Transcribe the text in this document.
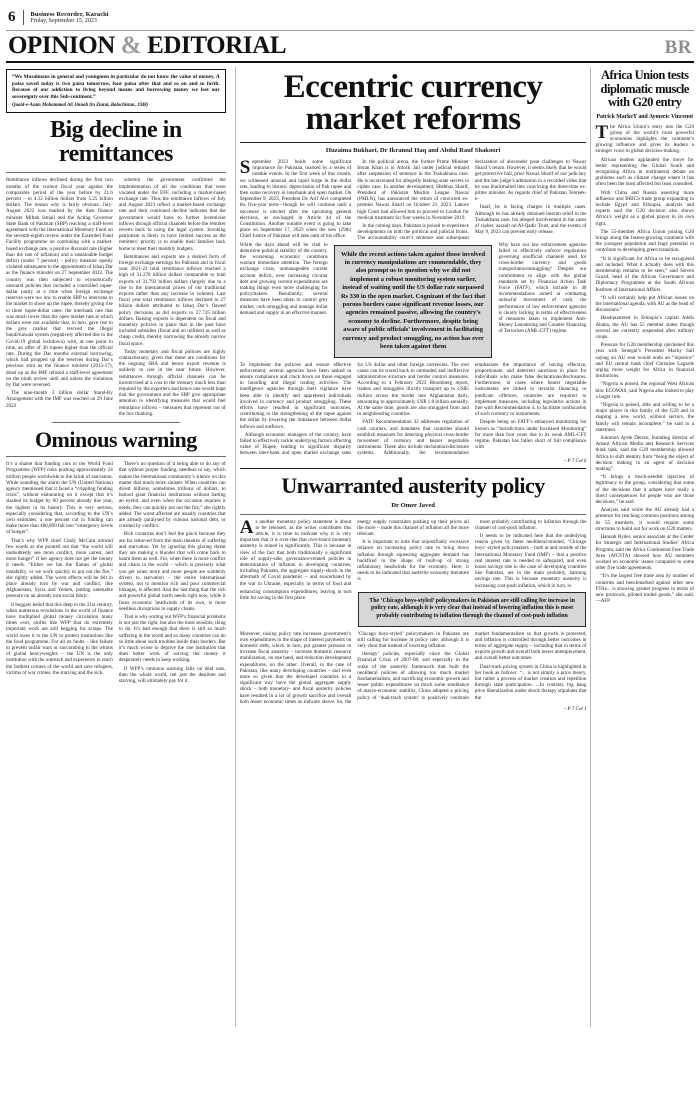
6	Business Recorder, Karachi
Friday, September 15, 2023
OPINION & EDITORIAL	BR
“We Musalmans in general and youngmen in particular do not know the value of money. A paisa saved today is two paisa tomorrow, four paisa after that and so on and so forth. Because of our addiction to living beyond means and borrowing money we lost our sovereignty over this Sub-continent.”
Quaid-e-Azam Mohammad Ali Jinnah (in Ziarat, Balochistan, 1948)
Big decline in remittances

Remittance inflows declined during the first two months of the current fiscal year against the comparable period of the year before by 21.6 percent – to 4.12 billion dollars from 5.25 billion dollars. The reason why is fairly obvious: July-August 2022 was marked by the then finance minister Miftah Ismail and the Acting Governor State Bank of Pakistan (SBP) reaching a staff-level agreement with the International Monetary Fund on the seventh-eighth review under the Extended Fund Facility programme on continuing with a market-based exchange rate, a positive discount rate (higher than the rate of inflation) and a sustainable budget deficit (under 7 percent) – policy measure openly violated subsequent to the appointment of Ishaq Dar as the finance minister on 27 September 2022. The country was then subjected to economically unsound policies that included a controlled rupee-dollar parity at a time when foreign exchange reserves were too low to enable SBP to intervene in the market to shore up the rupee, thereby giving rise to three rupee-dollar rates: the interbank rate that was much lower than the open market rate at which dollars were not available that, in turn, gave rise to the grey market that revived the illegal hundi/hawala system (negatively affected due to the Covid-19 global lockdown) with, at one point in time, an offer of 30 rupees higher than the official rate. During the Dar months external borrowing, which had propped up the reserves during Dar’s previous stint as the finance minister (2013-17), dried up as the IMF refused a staff-level agreement on the ninth review until and unless the violations by Dar were reversed.

The nine-month 3 billion dollar Stand-By Arrangement with the IMF was reached on 29 June 2023

wherein the government confirmed the implementation of all the conditions that were violated under the EFF, including a market-based exchange rate. Thus the remittance inflows of July and August 2023 reflect a market-based exchange rate and their continued decline indicates that the government would have to further incentivise inflows through official channels before the remitter reverts back to using the legal system. Invoking patriotism is likely to have limited success as the remitters’ priority is to enable their families back home to meet their monthly budgets.

Remittances and exports are a desired form of foreign exchange earnings for Pakistan and in fiscal year 2021-22 total remittance inflows reached a high of 31.278 billion dollars comparable to total exports of 31.792 billion dollars (largely due to a rise in the international prices of our traditional exports rather than any increase in volume). Last fiscal year total remittance inflows declined to 27 billion dollars attributed to Ishaq Dar’s flawed policy decisions as did exports to 27.735 billion dollars. Raising exports is dependent on fiscal and monetary policies in place that in the past have included subsidies (fiscal and on utilities) as well as cheap credit, thereby narrowing the already narrow fiscal space.

Today monetary and fiscal policies are highly contractionary, given that these are conditions for the ongoing SBA and hence export revenue is unlikely to rise in the near future. However, remittances through official channels can be incentivised at a cost to the treasury much less than required by the exporters and hence one would hope that the government and the SBP give appropriate attention to identifying measures that would fuel remittance inflows – measures that represent out of the box thinking.

Ominous warning

It’s a shame that funding cuts to the World Food Programme (WFP) risks pushing approximately 24 million people worldwide to the brink of starvation. While sounding the alarm the UN (United Nations) agency mentioned that it faced a “crippling funding crisis”, without elaborating on it except that it’s slashed its budget by 60 percent already this year, the highest in its history. This is very serious, especially considering that, according to the UN’s own estimates, a one percent cut in funding can make more than 400,000 fall into “emergency levels of hunger”.

That’s why WFP chief Cindy McCain minced few words as she pointed out that “the world will undoubtedly see more conflict, more unrest, and more hunger” if her agency does not get the money it needs. “Either we fan the flames of global instability, or we work quickly to put out the fire,” she rightly added. The worst effects will be felt in place already torn by war and conflict, like Afghanistan, Syria and Yemen, putting untenable pressure on an already torn social fabric.

It beggars belief that this deep in the 21st century, when numerous revolutions in the world of finance have multiplied global money circulation many times over, outfits like WFP that do extremely important work are still begging for scraps. The world owes it to the UN to protect institutions like the food programme. For all its faults – like failure to prevent unfair wars or succumbing to the whims of global heavyweights – the UN is the only institution with the outreach and experience to reach the farthest corners of the world and save refugees, victims of war crimes, the starving and the sick.

There’s no question of it being able to do any of that without proper funding, needless to say, which makes the international community’s silence on this matter that much more sinister. When countries can divert billions, sometimes trillions of dollars, to bailout giant financial institutions without batting an eyelid, and even when the occasion requires it needs, they can quickly put out the fire,” she rightly added. The worst affected are usually countries that are already paralysed by ruinous national debt, or crushed by conflict.

Rich countries don’t feel the pinch because they are far removed from the main theatres of suffering and starvation. Yet by ignoring this glaring threat they are making a blunder that will come back to haunt them as well. For, when there is more conflict and chaos in the world – which is precisely what you get when more and more people are suddenly driven to starvation – the entire international system, not to mention rich and poor commercial linkages, is affected. And the last thing that the rich and powerful global north needs right now, while it faces economic headwinds of its own, is more needless disruptions in supply chains.

That is why sorting out WFP’s financial problems is not just the right, but also the most sensible, thing to do. It’s bad enough that there is still so much suffering in the world and so many countries can do so little about such troubles inside their borders. But it’s much worse to deprive the one institution that does better work of solving the money it desperately needs to keep working.

If WFP’s ominous warning falls on deaf ears, then the whole world, not just the destitute and starving, will ultimately pay for it.

Eccentric currency market reforms
Huzaima Bukhari, Dr Ikramul Haq and Abdul Rauf Shakoori

September 2023 holds some significant importance for Pakistan, marked by a series of notable events. In the first week of this month, we witnessed unusual and rapid surge in the dollar rate, leading to historic depreciation of Pak rupee and then some recovery in interbank and open market. On September 9, 2023, President Dr. Arif Alvi completed his five-year term—though he will continue until a successor is elected after the upcoming general elections, as envisaged in Article 44 of the Constitution. Another notable event is going to take place on September 17, 2023 when the new (29th) Chief Justice of Pakistan will take oath of his office.

In the political arena, the former Prime Minister Imran Khan is in Attock Jail under judicial remand after suspension of sentence in the Toshakhana case. He is incarcerated for allegedly leaking state secrets in cipher case. In another development, Shehbaz Sharif, President of Pakistan Muslim League Nawaz (PMLN), has announced the return of convicted ex-premier Nawaz Sharif on October 21, 2023. Lahore high Court had allowed him to proceed to London for medical treatment for four weeks in November 2019.

In the coming days, Pakistan is poised to experience developments on both the political and judicial fronts. The accountability court’s sentence and subsequent declaration of absconder pose challenges to Nawaz Sharif’s return. However, it seems likely that he would get protective bail, prior Nawaz Sharif of our judiciary and the late judge’s admission in a recorded video that he was blackmailed into convicting the three-time ex-prime minister. As regards chief of Pakistan Tehreek-e-

Insaf, he is facing charges in multiple cases. Although he has already obtained interim relief in the Toshakhana case, his alleged involvement in the cases of cipher, assault on Al-Qadir Trust, and the events of May 9, 2023 can prevent early release.

While the days ahead will be vital to determine political stability of the country, the worsening economic conditions warrant immediate attention. The foreign exchange crisis, unmanageable current account deficit, ever increasing circular debt and growing current expenditures are making things even more challenging for policymakers. Resultantly, several measures have been taken to control grey market, curb smuggling and manage dollar demand and supply in an effective manner.

While the recent actions taken against those involved in currency manipulations are commendable, they also prompt us to question why we did not implement a robust monitoring system earlier, instead of waiting until the US dollar rate surpassed Rs 330 in the open market. Cognizant of the fact that porous borders cause significant revenue losses, our agencies remained passive, allowing the country’s economy to decline. Furthermore, despite being aware of public officials’ involvement in facilitating currency and product smuggling, no action has ever been taken against them

Why have our law enforcement agencies failed to effectively enforce regulations governing unofficial channels used for cross-border currency and goods transportation/smuggling? Despite our commitment to align with the global standards set by Financial Action Task Force (FATF), which include in 40 recommendations aimed at combating unlawful movement of cash, the performance of law enforcement agencies is clearly lacking in terms of effectiveness of measures taken to implement Anti-Money Laundering and Counter Financing of Terrorism (AML-CFT) regime.

To implement the policies and ensure effective enforcement, several agencies have been tasked to ensure compliance and crack down on those engaged in hoarding and illegal trading activities. The intelligence agencies through their vigilance have been able to identify and apprehend individuals involved in currency and product smuggling. These efforts have resulted in significant outcomes, contributing to the strengthening of the rupee against the dollar by lowering the imbalance between dollar inflows and outflows.

Although economic managers of the country, have failed to effectively tackle underlying factors affecting value of Rupee, leading to significant disparity between inter-bank and open market exchange rates for US dollar and other foreign currencies. The root cause can be traced back to outmoded and ineffective administrative structure and border control measures. According to a February 2023 Bloomberg report, traders and smugglers illicitly transport up to US$5 million across the border into Afghanistan daily, amounting to approximately US$ 1.8 billion annually. At the same time, goods are also smuggled from and to neighbouring countries.

FATF Recommendation 32 addresses regulation of cash couriers, and mandates that countries should establish measures for detecting physical cross-border movement of currency and bearer negotiable instruments. These also include declaration/disclosure systems. Additionally, the recommendation emphasizes the importance of having effective, proportionate, and deterrent sanctions in place for individuals who make false declarations/disclosures. Furthermore, in cases where bearer negotiable instruments are linked to terrorist financing or predicate offences, countries are required to implement measures, including legislative actions in line with Recommendation 4, to facilitate confiscation of such currency or instruments.

Despite being on FATF’s enhanced monitoring list known as “Jurisdictions under Increased Monitoring” for more than four years due to its weak AML-CFT regime, Pakistan has fallen short of full compliance with

– P 7 Col 6
Unwarranted austerity policy
Dr Omer Javed

As another monetary policy statement is about to be released, as the writer contributes this article, it is time to indicate why it is very important that it is over-due that over-board monetary austerity is reined in significantly. This is because in view of the fact that both traditionally a significant role of supply-side, governance-related policies in determination of inflation in developing countries, including Pakistan, the aggregate supply-shock in the aftermath of Covid pandemic – and exacerbated by the war in Ukraine, especially in terms of food and energy supply constraints pushing up their prices all the more – made this channel of inflation all the more relevant.

It is important to note that unjustifiably excessive reliance on increasing policy rate to bring down inflation through squeezing aggregate demand has backfired in the shape of built-up of strong inflationary headwinds for the economy. Here, it needs to be indicated that austerity economy literature is

most probably contributing to inflation through the channel of cost-push inflation.

It needs to be indicated here that the underlying reason given by these neoliberal-minded, ‘Chicago boys’-styled policymakers – both at and outside of the International Monetary Fund (IMF) – that a positive real interest rate is needed to safeguard, and even boost savings rate in the case of developing countries like Pakistan, are in the main probably, harming savings rate. This is because monetary austerity is increasing cost-push inflation, which in turn, is

enhancing consumption expenditures, leaving in turn little for saving in the first place.	The ‘Chicago boys-styled’ policymakers in Pakistan are still calling for increase in policy rate, although it is very clear that instead of lowering inflation this is most probably contributing to inflation through the channel of cost-push inflation

Moreover, raising policy rate increases government’s own expenditures in the shape of interest payments on domestic debt, which in turn, put greater pressure to increase fiscal austerity – increase domestic resource mobilization, on one hand, and reduction development expenditures, on the other. Overall, in the case of Pakistan, like many developing countries – and even more so given that the developed countries in a significant way have the global aggregate supply shock – both monetary- and fiscal austerity policies have resulted in a lot of growth sacrifice and overall both lesser economic times as indicate above. So, the ‘Chicago boys-styled’ policymakers in Pakistan are still calling for increase in policy rate, although it is very clear that instead of lowering inflation

therapy’ policies, especially since the Global Financial Crisis of 2007-08, and especially in the wake of the austerity framework that built the neoliberal policies of allowing too much market fundamentalism, and sacrificing economic growth and lesser public expenditures on much some semblance of macro-economic stability, China adopted a pricing policy of ‘dual-track system’ to positively constrain market fundamentalism so that growth is protected, and inflation is controlled through better outcomes in terms of aggregate supply – including that in terms of exports growth and overall both lesser unemployment, and overall better outcomes.

Dual-track pricing system in China is highlighted in her book as follows: “... is not simply a price theory, but rather a process of market creation and repetition through state participation. ...In contrast, big bang price liberalization under shock therapy stipulates that the

– P 7 Col 1
Africa Union tests diplomatic muscle with G20 entry
Patrick MarkeY and Aymeric Vincenot

The Africa Union’s entry into the G20 group of the world’s most powerful economies highlights the continent’s growing influence and gives its leaders a stronger voice in global decision-making.

African leaders applauded the move for better representing the Global South and recognising Africa in multilateral debate on problems such as climate change where it has often been the most affected but least consulted.

With China and Russia asserting more influence and BRICS trade group expanding to include Egypt and Ethiopia, analysts and experts said the G20 decision also shows Africa’s weight as a global player in its own right.

The 55-member Africa Union joining G20 brings along the fastest-growing continent with the youngest population and huge potential to contribute to developing green transition.

“It is significant for Africa to be recognised and included. What it actually does with this membership remains to be seen,” said Steven Gruzd, head of the African Governance and Diplomacy Programme at the South African Institute of International Affairs.

“It will certainly help put African issues on the international agenda, with AU as the head of discussions.”

Headquartered in Ethiopia’s capital Addis Ababa, the AU has 55 member states though several are currently suspended after military coups.

Pressure for G20 membership quickened this year with Senegal’s President Macky Sall saying an AU seat would undo an “injustice” and EU central bank chief Christine Lagarde urging more weight for Africa in financial institutions.

“Nigeria is poised, the regional West African bloc ECOWAS, said Nigeria also looked to play a larger role.

“Nigeria is poised, able and willing to be a major player in this family of the G20 and in shaping a new world, without sectors, the family will remain incomplete,” he said in a statement.

Solomon Ayele Dersso, founding director of Amani African Media and Research Services think tank, said the G20 membership allowed Africa to shift identity from “being the object of decision making to an agent of decision making”.

“It brings a much-needed injection of legitimacy to the group, considering that some of the decisions that it adopts have really a direct consequences for people who are those decisions,” he said.

Analysts said while the AU already had a presence for reaching common positions among its 55 members, it would require some structures to build out for work on G20 matters.

Hannah Ryder, senior associate at the Center for Strategic and International Studies’ Africa Program, said the Africa Continental Free Trade Area (AfCFTA) showed how AU members worked on economic issues compared to some other five trade agreements.

“It’s the largest free trade area by number of countries and benchmarked against other new FTAs... is showing greater progress in terms of new protocols, piloted traded goods,” she said.—AFP
